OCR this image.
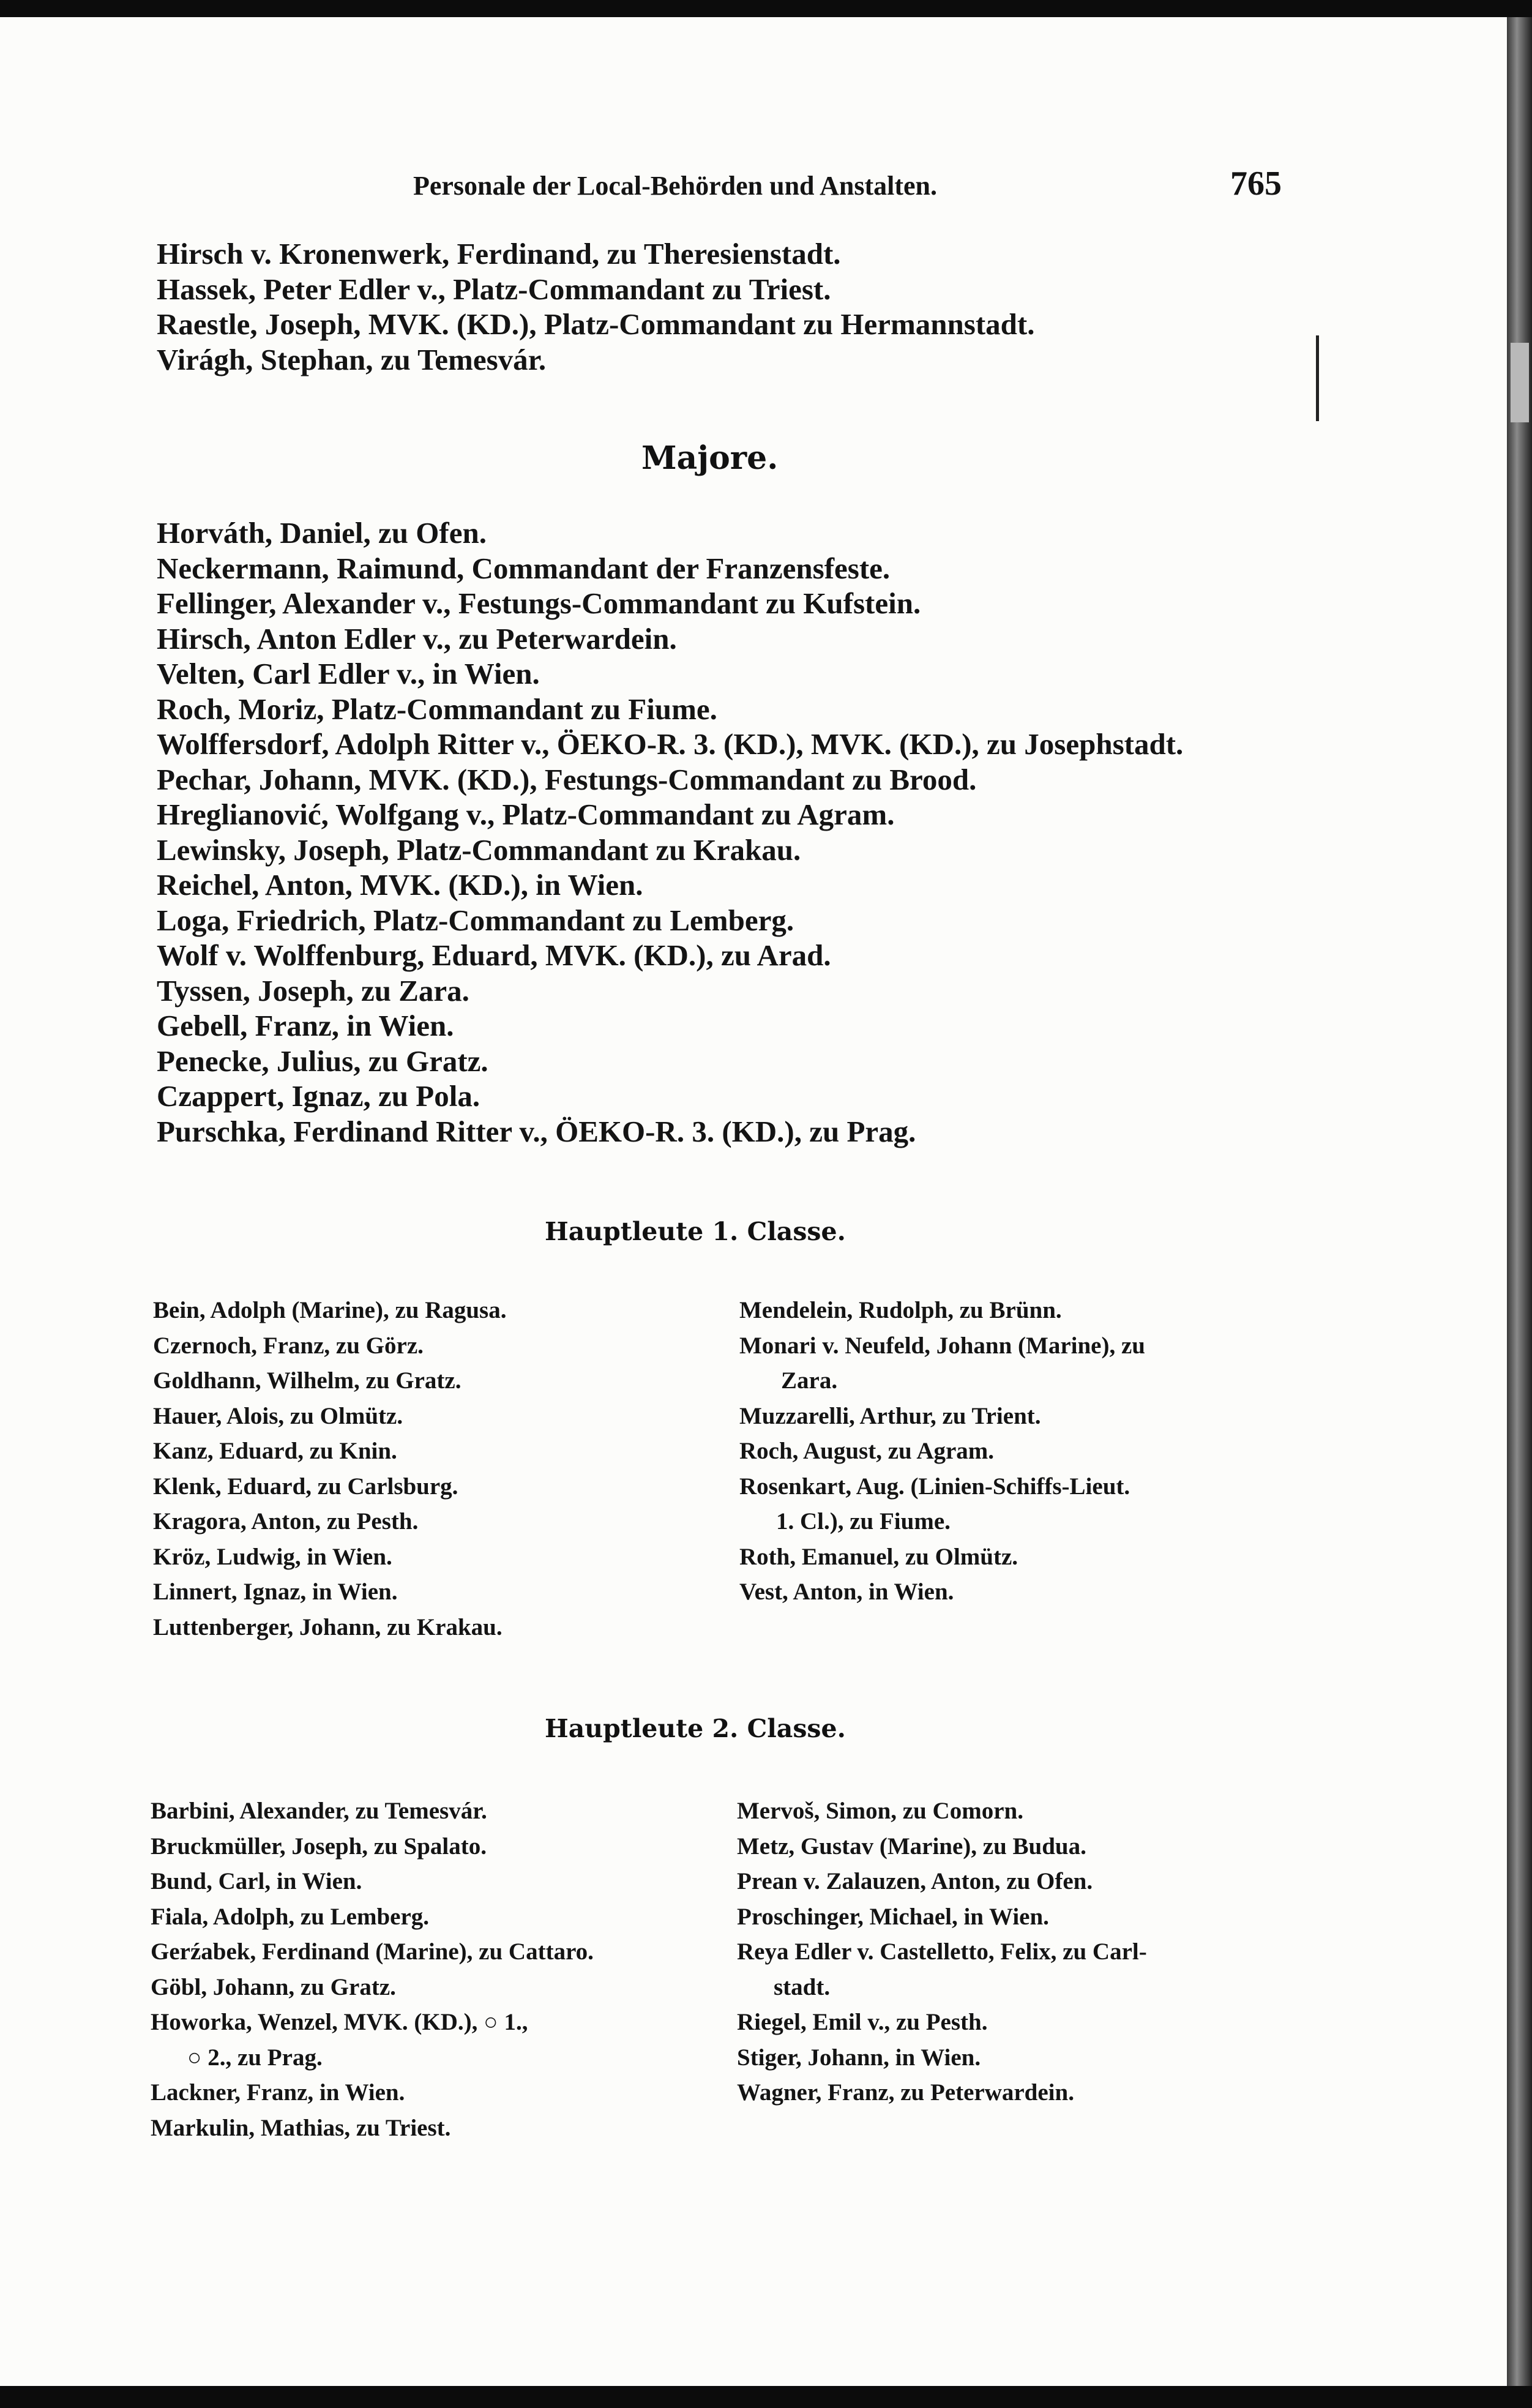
Personale der Local-Behörden und Anstalten.	765
Hirsch v. Kronenwerk, Ferdinand, zu Theresienstadt.
Hassek, Peter Edler v., Platz-Commandant zu Triest.
Raestle, Joseph, MVK. (KD.), Platz-Commandant zu Hermannstadt.
Virágh, Stephan, zu Temesvár.
Majore.
Horváth, Daniel, zu Ofen.
Neckermann, Raimund, Commandant der Franzensfeste.
Fellinger, Alexander v., Festungs-Commandant zu Kufstein.
Hirsch, Anton Edler v., zu Peterwardein.
Velten, Carl Edler v., in Wien.
Roch, Moriz, Platz-Commandant zu Fiume.
Wolffersdorf, Adolph Ritter v., ÖEKO-R. 3. (KD.), MVK. (KD.), zu Josephstadt.
Pechar, Johann, MVK. (KD.), Festungs-Commandant zu Brood.
Hreglianović, Wolfgang v., Platz-Commandant zu Agram.
Lewinsky, Joseph, Platz-Commandant zu Krakau.
Reichel, Anton, MVK. (KD.), in Wien.
Loga, Friedrich, Platz-Commandant zu Lemberg.
Wolf v. Wolffenburg, Eduard, MVK. (KD.), zu Arad.
Tyssen, Joseph, zu Zara.
Gebell, Franz, in Wien.
Penecke, Julius, zu Gratz.
Czappert, Ignaz, zu Pola.
Purschka, Ferdinand Ritter v., ÖEKO-R. 3. (KD.), zu Prag.
Hauptleute 1. Classe.
Bein, Adolph (Marine), zu Ragusa.
Czernoch, Franz, zu Görz.
Goldhann, Wilhelm, zu Gratz.
Hauer, Alois, zu Olmütz.
Kanz, Eduard, zu Knin.
Klenk, Eduard, zu Carlsburg.
Kragora, Anton, zu Pesth.
Kröz, Ludwig, in Wien.
Linnert, Ignaz, in Wien.
Luttenberger, Johann, zu Krakau.
Mendelein, Rudolph, zu Brünn.
Monari v. Neufeld, Johann (Marine), zu
Zara.
Muzzarelli, Arthur, zu Trient.
Roch, August, zu Agram.
Rosenkart, Aug. (Linien-Schiffs-Lieut.
1. Cl.), zu Fiume.
Roth, Emanuel, zu Olmütz.
Vest, Anton, in Wien.
Hauptleute 2. Classe.
Barbini, Alexander, zu Temesvár.
Bruckmüller, Joseph, zu Spalato.
Bund, Carl, in Wien.
Fiala, Adolph, zu Lemberg.
Gerźabek, Ferdinand (Marine), zu Cattaro.
Göbl, Johann, zu Gratz.
Howorka, Wenzel, MVK. (KD.), ○ 1.,
○ 2., zu Prag.
Lackner, Franz, in Wien.
Markulin, Mathias, zu Triest.
Mervoš, Simon, zu Comorn.
Metz, Gustav (Marine), zu Budua.
Prean v. Zalauzen, Anton, zu Ofen.
Proschinger, Michael, in Wien.
Reya Edler v. Castelletto, Felix, zu Carl-
stadt.
Riegel, Emil v., zu Pesth.
Stiger, Johann, in Wien.
Wagner, Franz, zu Peterwardein.
